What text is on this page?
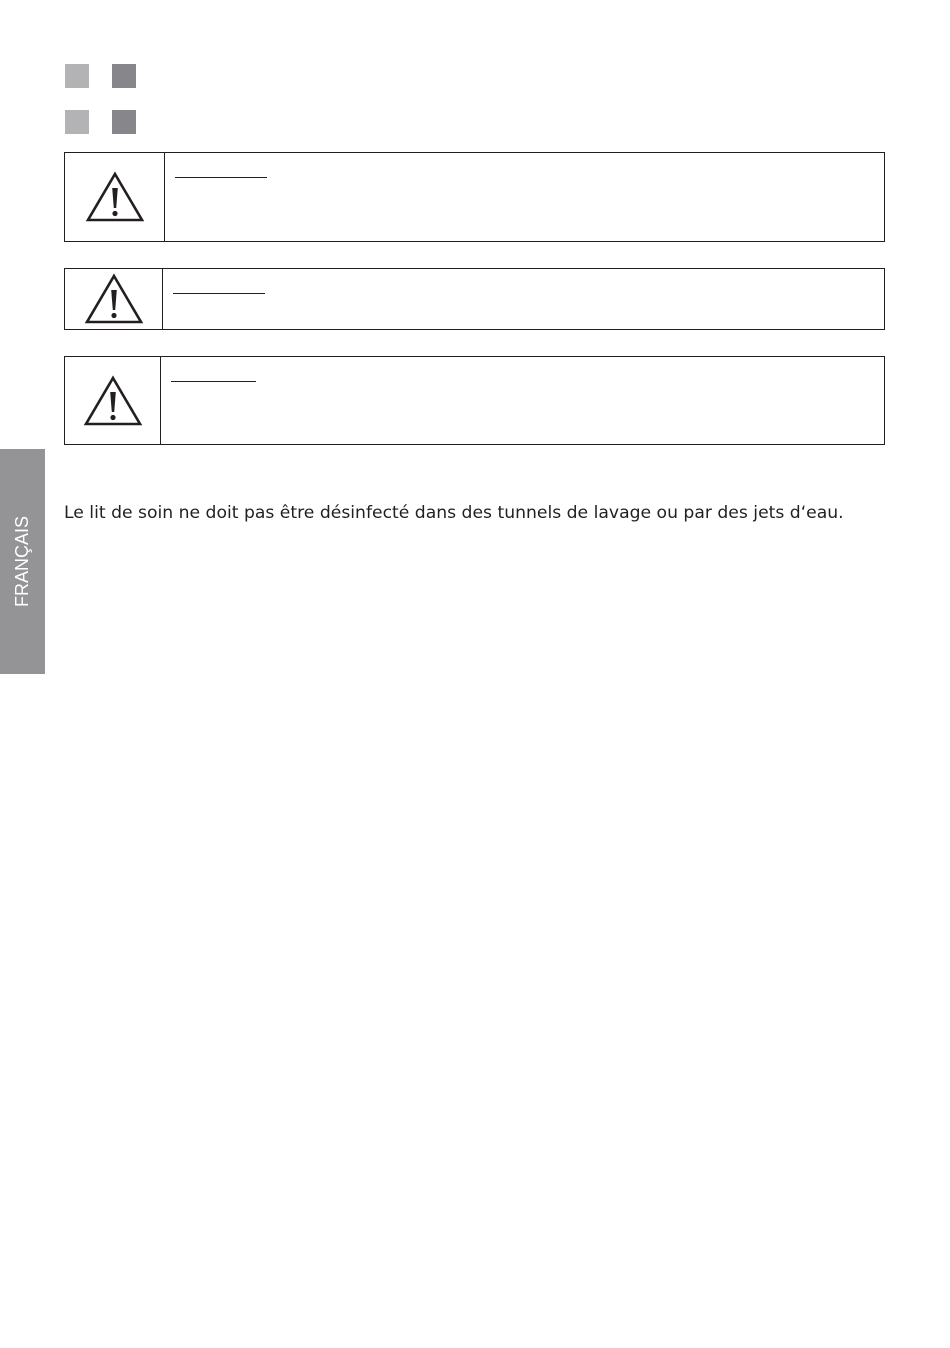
FRANÇAIS
Le lit de soin ne doit pas être désinfecté dans des tunnels de lavage ou par des jets d‘eau.
